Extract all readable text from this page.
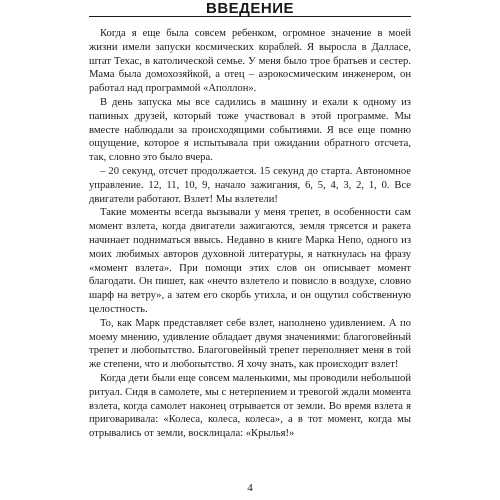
ВВЕДЕНИЕ

Когда я еще была совсем ребенком, огромное значение в моей жизни имели запуски космических кораблей. Я выросла в Далласе, штат Техас, в католической семье. У меня было трое братьев и сестер. Мама была домохозяйкой, а отец – аэрокосмическим инженером, он работал над программой «Аполлон».

В день запуска мы все садились в машину и ехали к одному из папиных друзей, который тоже участвовал в этой программе. Мы вместе наблюдали за происходящими событиями. Я все еще помню ощущение, которое я испытывала при ожидании обратного отсчета, так, словно это было вчера.

– 20 секунд, отсчет продолжается. 15 секунд до старта. Автономное управление. 12, 11, 10, 9, начало зажигания, 6, 5, 4, 3, 2, 1, 0. Все двигатели работают. Взлет! Мы взлетели!

Такие моменты всегда вызывали у меня трепет, в особенности сам момент взлета, когда двигатели зажигаются, земля трясется и ракета начинает подниматься ввысь. Недавно в книге Марка Непо, одного из моих любимых авторов духовной литературы, я наткнулась на фразу «момент взлета». При помощи этих слов он описывает момент благодати. Он пишет, как «нечто взлетело и повисло в воздухе, словно шарф на ветру», а затем его скорбь утихла, и он ощутил собственную целостность.

То, как Марк представляет себе взлет, наполнено удивлением. А по моему мнению, удивление обладает двумя значениями: благоговейный трепет и любопытство. Благоговейный трепет переполняет меня в той же степени, что и любопытство. Я хочу знать, как происходит взлет!

Когда дети были еще совсем маленькими, мы проводили небольшой ритуал. Сидя в самолете, мы с нетерпением и тревогой ждали момента взлета, когда самолет наконец отрывается от земли. Во время взлета я приговаривала: «Колеса, колеса, колеса», а в тот момент, когда мы отрывались от земли, восклицала: «Крылья!»

4
